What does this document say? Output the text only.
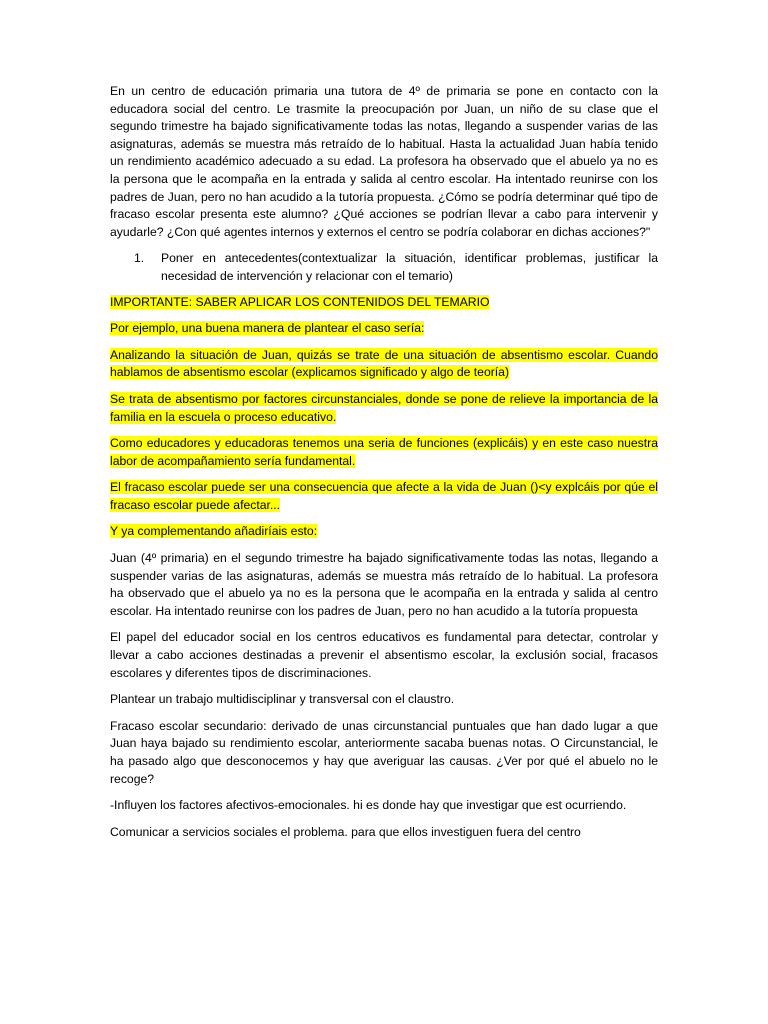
En un centro de educación primaria una tutora de 4º de primaria se pone en contacto con la educadora social del centro. Le trasmite la preocupación por Juan, un niño de su clase que el segundo trimestre ha bajado significativamente todas las notas, llegando a suspender varias de las asignaturas, además se muestra más retraído de lo habitual. Hasta la actualidad Juan había tenido un rendimiento académico adecuado a su edad. La profesora ha observado que el abuelo ya no es la persona que le acompaña en la entrada y salida al centro escolar. Ha intentado reunirse con los padres de Juan, pero no han acudido a la tutoría propuesta. ¿Cómo se podría determinar qué tipo de fracaso escolar presenta este alumno? ¿Qué acciones se podrían llevar a cabo para intervenir y ayudarle? ¿Con qué agentes internos y externos el centro se podría colaborar en dichas acciones?"

1.	Poner en antecedentes(contextualizar la situación, identificar problemas, justificar la necesidad de intervención y relacionar con el temario)

IMPORTANTE: SABER APLICAR LOS CONTENIDOS DEL TEMARIO

Por ejemplo, una buena manera de plantear el caso sería:

Analizando la situación de Juan, quizás se trate de una situación de absentismo escolar. Cuando hablamos de absentismo escolar (explicamos significado y algo de teoría)

Se trata de absentismo por factores circunstanciales, donde se pone de relieve la importancia de la familia en la escuela o proceso educativo.

Como educadores y educadoras tenemos una seria de funciones (explicáis) y en este caso nuestra labor de acompañamiento sería fundamental.

El fracaso escolar puede ser una consecuencia que afecte a la vida de Juan ()<y explcáis por qúe el fracaso escolar puede afectar...

Y ya complementando añadiríais esto:

Juan (4º primaria) en el segundo trimestre ha bajado significativamente todas las notas, llegando a suspender varias de las asignaturas, además se muestra más retraído de lo habitual. La profesora ha observado que el abuelo ya no es la persona que le acompaña en la entrada y salida al centro escolar. Ha intentado reunirse con los padres de Juan, pero no han acudido a la tutoría propuesta

El papel del educador social en los centros educativos es fundamental para detectar, controlar y llevar a cabo acciones destinadas a prevenir el absentismo escolar, la exclusión social, fracasos escolares y diferentes tipos de discriminaciones.

Plantear un trabajo multidisciplinar y transversal con el claustro.

Fracaso escolar secundario: derivado de unas circunstancial puntuales que han dado lugar a que Juan haya bajado su rendimiento escolar, anteriormente sacaba buenas notas. O Circunstancial, le ha pasado algo que desconocemos y hay que averiguar las causas. ¿Ver por qué el abuelo no le recoge?

-Influyen los factores afectivos-emocionales. hi es donde hay que investigar que est ocurriendo.

Comunicar a servicios sociales el problema. para que ellos investiguen fuera del centro
